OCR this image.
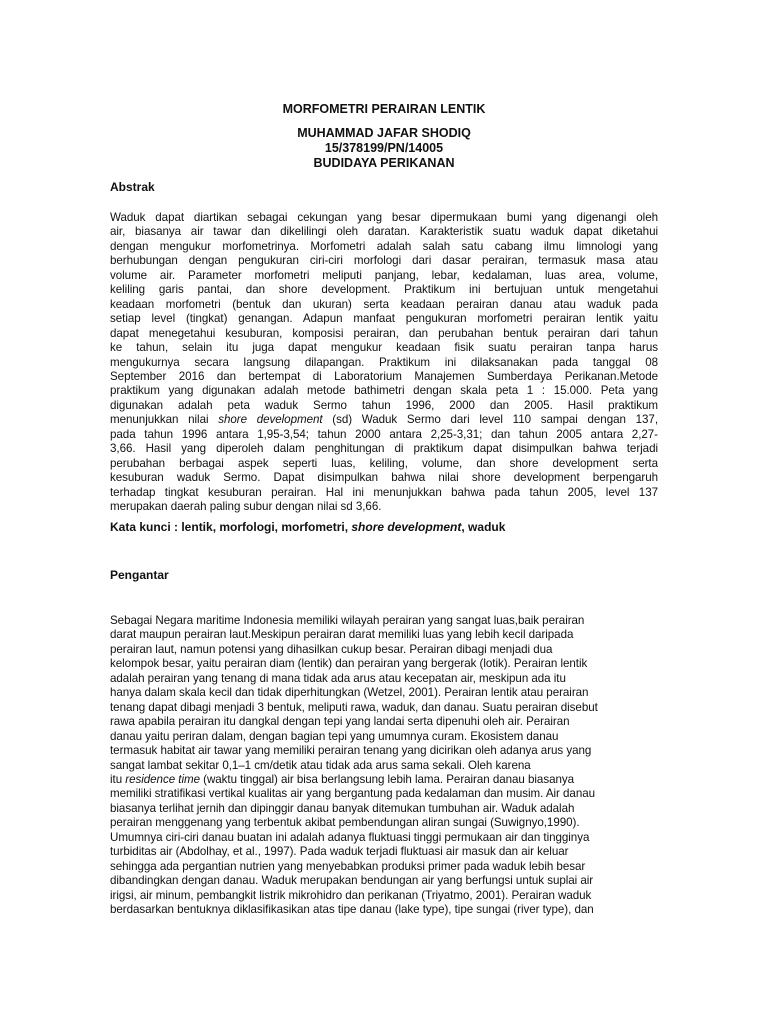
MORFOMETRI PERAIRAN LENTIK
MUHAMMAD JAFAR SHODIQ
15/378199/PN/14005
BUDIDAYA PERIKANAN
Abstrak
Waduk dapat diartikan sebagai cekungan yang besar dipermukaan bumi yang digenangi oleh
air, biasanya air tawar dan dikelilingi oleh daratan. Karakteristik suatu waduk dapat diketahui
dengan mengukur morfometrinya. Morfometri adalah salah satu cabang ilmu limnologi yang
berhubungan dengan pengukuran ciri-ciri morfologi dari dasar perairan, termasuk masa atau
volume air. Parameter morfometri meliputi panjang, lebar, kedalaman, luas area, volume,
keliling garis pantai, dan shore development. Praktikum ini bertujuan untuk mengetahui
keadaan morfometri (bentuk dan ukuran) serta keadaan perairan danau atau waduk pada
setiap level (tingkat) genangan. Adapun manfaat pengukuran morfometri perairan lentik yaitu
dapat menegetahui kesuburan, komposisi perairan, dan perubahan bentuk perairan dari tahun
ke tahun, selain itu juga dapat mengukur keadaan fisik suatu perairan tanpa harus
mengukurnya secara langsung dilapangan. Praktikum ini dilaksanakan pada tanggal 08
September 2016 dan bertempat di Laboratorium Manajemen Sumberdaya Perikanan.Metode
praktikum yang digunakan adalah metode bathimetri dengan skala peta 1 : 15.000. Peta yang
digunakan adalah peta waduk Sermo tahun 1996, 2000 dan 2005. Hasil praktikum
menunjukkan nilai shore development (sd) Waduk Sermo dari level 110 sampai dengan 137,
pada tahun 1996 antara 1,95-3,54; tahun 2000 antara 2,25-3,31; dan tahun 2005 antara 2,27-
3,66. Hasil yang diperoleh dalam penghitungan di praktikum dapat disimpulkan bahwa terjadi
perubahan berbagai aspek seperti luas, keliling, volume, dan shore development serta
kesuburan waduk Sermo. Dapat disimpulkan bahwa nilai shore development berpengaruh
terhadap tingkat kesuburan perairan. Hal ini menunjukkan bahwa pada tahun 2005, level 137
merupakan daerah paling subur dengan nilai sd 3,66.
Kata kunci : lentik, morfologi, morfometri, shore development, waduk
Pengantar
Sebagai Negara maritime Indonesia memiliki wilayah perairan yang sangat luas,baik perairan
darat maupun perairan laut.Meskipun perairan darat memiliki luas yang lebih kecil daripada
perairan laut, namun potensi yang dihasilkan cukup besar. Perairan dibagi menjadi dua
kelompok besar, yaitu perairan diam (lentik) dan perairan yang bergerak (lotik). Perairan lentik
adalah perairan yang tenang di mana tidak ada arus atau kecepatan air, meskipun ada itu
hanya dalam skala kecil dan tidak diperhitungkan (Wetzel, 2001). Perairan lentik atau perairan
tenang dapat dibagi menjadi 3 bentuk, meliputi rawa, waduk, dan danau. Suatu perairan disebut
rawa apabila perairan itu dangkal dengan tepi yang landai serta dipenuhi oleh air. Perairan
danau yaitu periran dalam, dengan bagian tepi yang umumnya curam. Ekosistem danau
termasuk habitat air tawar yang memiliki perairan tenang yang dicirikan oleh adanya arus yang
sangat lambat sekitar 0,1–1 cm/detik atau tidak ada arus sama sekali. Oleh karena
itu residence time (waktu tinggal) air bisa berlangsung lebih lama. Perairan danau biasanya
memiliki stratifikasi vertikal kualitas air yang bergantung pada kedalaman dan musim. Air danau
biasanya terlihat jernih dan dipinggir danau banyak ditemukan tumbuhan air. Waduk adalah
perairan menggenang yang terbentuk akibat pembendungan aliran sungai (Suwignyo,1990).
Umumnya ciri-ciri danau buatan ini adalah adanya fluktuasi tinggi permukaan air dan tingginya
turbiditas air (Abdolhay, et al., 1997). Pada waduk terjadi fluktuasi air masuk dan air keluar
sehingga ada pergantian nutrien yang menyebabkan produksi primer pada waduk lebih besar
dibandingkan dengan danau. Waduk merupakan bendungan air yang berfungsi untuk suplai air
irigsi, air minum, pembangkit listrik mikrohidro dan perikanan (Triyatmo, 2001). Perairan waduk
berdasarkan bentuknya diklasifikasikan atas tipe danau (lake type), tipe sungai (river type), dan
